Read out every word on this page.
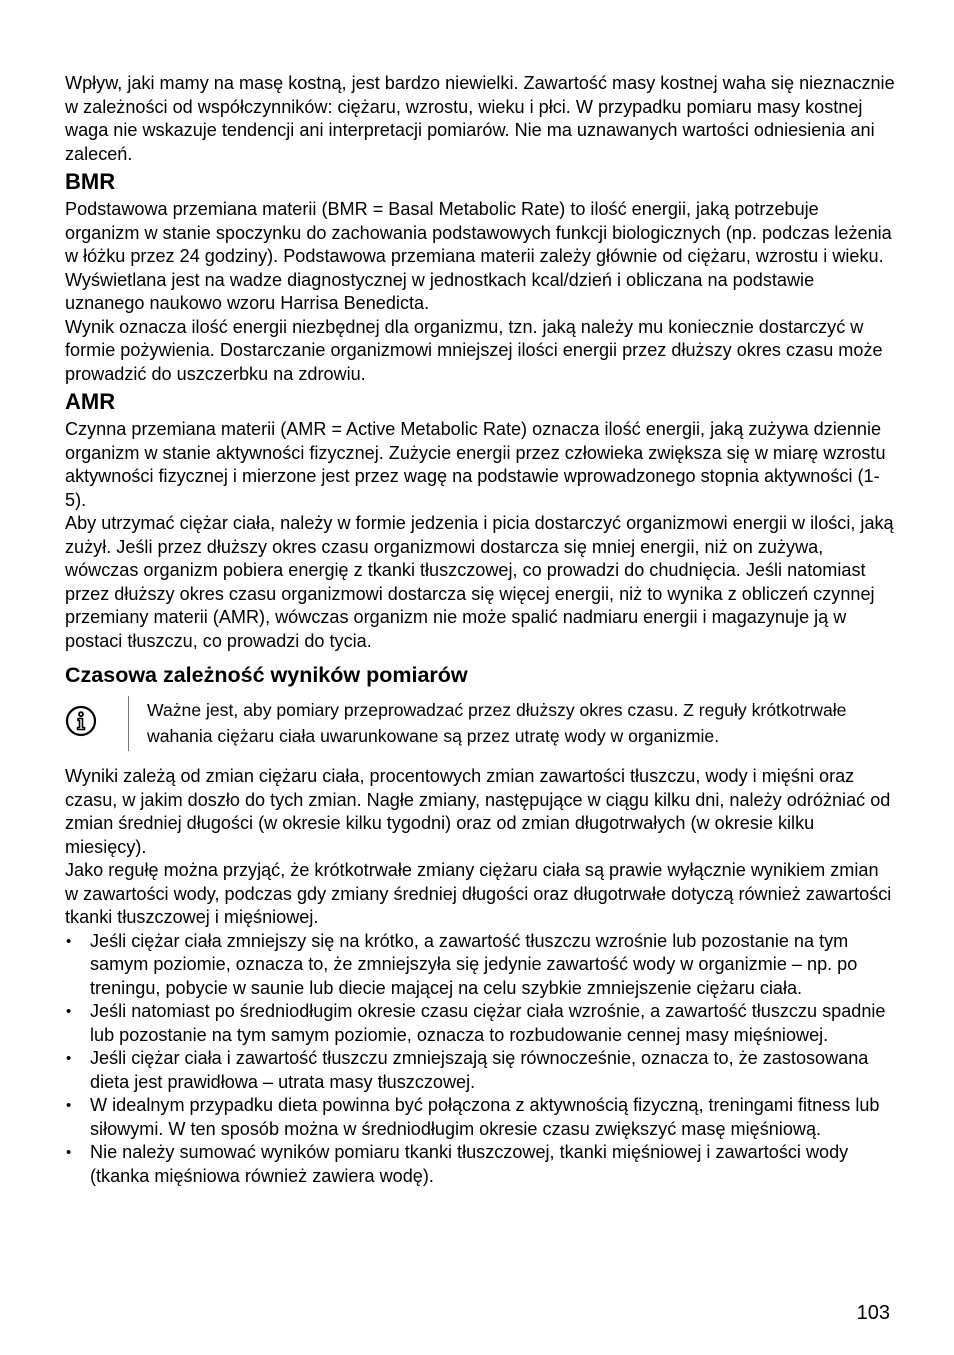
Wpływ, jaki mamy na masę kostną, jest bardzo niewielki. Zawartość masy kostnej waha się nieznacznie w zależności od współczynników: ciężaru, wzrostu, wieku i płci. W przypadku pomiaru masy kostnej waga nie wskazuje tendencji ani interpretacji pomiarów. Nie ma uznawanych wartości odniesienia ani zaleceń.

BMR

Podstawowa przemiana materii (BMR = Basal Metabolic Rate) to ilość energii, jaką potrzebuje organizm w stanie spoczynku do zachowania podstawowych funkcji biologicznych (np. podczas leżenia w łóżku przez 24 godziny). Podstawowa przemiana materii zależy głównie od ciężaru, wzrostu i wieku. Wyświetlana jest na wadze diagnostycznej w jednostkach kcal/dzień i obliczana na podstawie uznanego naukowo wzoru Harrisa Benedicta.

Wynik oznacza ilość energii niezbędnej dla organizmu, tzn. jaką należy mu koniecznie dostarczyć w formie pożywienia. Dostarczanie organizmowi mniejszej ilości energii przez dłuższy okres czasu może prowadzić do uszczerbku na zdrowiu.

AMR

Czynna przemiana materii (AMR = Active Metabolic Rate) oznacza ilość energii, jaką zużywa dziennie organizm w stanie aktywności fizycznej. Zużycie energii przez człowieka zwiększa się w miarę wzrostu aktywności fizycznej i mierzone jest przez wagę na podstawie wprowadzonego stopnia aktywności (1-5).

Aby utrzymać ciężar ciała, należy w formie jedzenia i picia dostarczyć organizmowi energii w ilości, jaką zużył. Jeśli przez dłuższy okres czasu organizmowi dostarcza się mniej energii, niż on zużywa, wówczas organizm pobiera energię z tkanki tłuszczowej, co prowadzi do chudnięcia. Jeśli natomiast przez dłuższy okres czasu organizmowi dostarcza się więcej energii, niż to wynika z obliczeń czynnej przemiany materii (AMR), wówczas organizm nie może spalić nadmiaru energii i magazynuje ją w postaci tłuszczu, co prowadzi do tycia.

Czasowa zależność wyników pomiarów
Ważne jest, aby pomiary przeprowadzać przez dłuższy okres czasu. Z reguły krótkotrwałe wahania ciężaru ciała uwarunkowane są przez utratę wody w organizmie.

Wyniki zależą od zmian ciężaru ciała, procentowych zmian zawartości tłuszczu, wody i mięśni oraz czasu, w jakim doszło do tych zmian. Nagłe zmiany, następujące w ciągu kilku dni, należy odróżniać od zmian średniej długości (w okresie kilku tygodni) oraz od zmian długotrwałych (w okresie kilku miesięcy).

Jako regułę można przyjąć, że krótkotrwałe zmiany ciężaru ciała są prawie wyłącznie wynikiem zmian w zawartości wody, podczas gdy zmiany średniej długości oraz długotrwałe dotyczą również zawartości tkanki tłuszczowej i mięśniowej.

• Jeśli ciężar ciała zmniejszy się na krótko, a zawartość tłuszczu wzrośnie lub pozostanie na tym samym poziomie, oznacza to, że zmniejszyła się jedynie zawartość wody w organizmie – np. po treningu, pobycie w saunie lub diecie mającej na celu szybkie zmniejszenie ciężaru ciała.
• Jeśli natomiast po średniodługim okresie czasu ciężar ciała wzrośnie, a zawartość tłuszczu spadnie lub pozostanie na tym samym poziomie, oznacza to rozbudowanie cennej masy mięśniowej.
• Jeśli ciężar ciała i zawartość tłuszczu zmniejszają się równocześnie, oznacza to, że zastosowana dieta jest prawidłowa – utrata masy tłuszczowej.
• W idealnym przypadku dieta powinna być połączona z aktywnością fizyczną, treningami fitness lub siłowymi. W ten sposób można w średniodługim okresie czasu zwiększyć masę mięśniową.
• Nie należy sumować wyników pomiaru tkanki tłuszczowej, tkanki mięśniowej i zawartości wody (tkanka mięśniowa również zawiera wodę).
103
